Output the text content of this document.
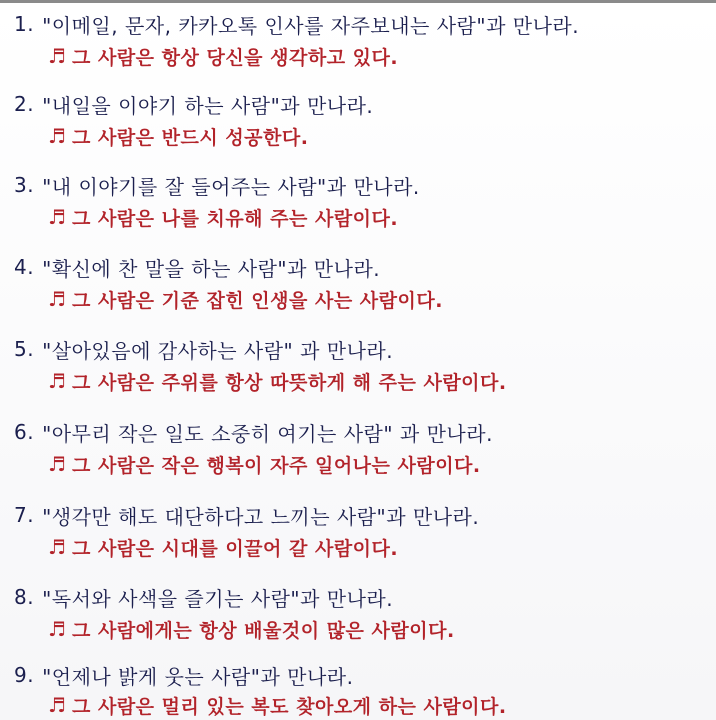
1. "이메일, 문자, 카카오톡 인사를 자주보내는 사람"과 만나라.
♬ 그 사람은 항상 당신을 생각하고 있다.
2. "내일을 이야기 하는 사람"과 만나라.
♬ 그 사람은 반드시 성공한다.
3. "내 이야기를 잘 들어주는 사람"과 만나라.
♬ 그 사람은 나를 치유해 주는 사람이다.
4. "확신에 찬 말을 하는 사람"과 만나라.
♬ 그 사람은 기준 잡힌 인생을 사는 사람이다.
5. "살아있음에 감사하는 사람" 과 만나라.
♬ 그 사람은 주위를 항상 따뜻하게 해 주는 사람이다.
6. "아무리 작은 일도 소중히 여기는 사람" 과 만나라.
♬ 그 사람은 작은 행복이 자주 일어나는 사람이다.
7. "생각만 해도 대단하다고 느끼는 사람"과 만나라.
♬ 그 사람은 시대를 이끌어 갈 사람이다.
8. "독서와 사색을 즐기는 사람"과 만나라.
♬ 그 사람에게는 항상 배울것이 많은 사람이다.
9. "언제나 밝게 웃는 사람"과 만나라.
♬ 그 사람은 멀리 있는 복도 찾아오게 하는 사람이다.
